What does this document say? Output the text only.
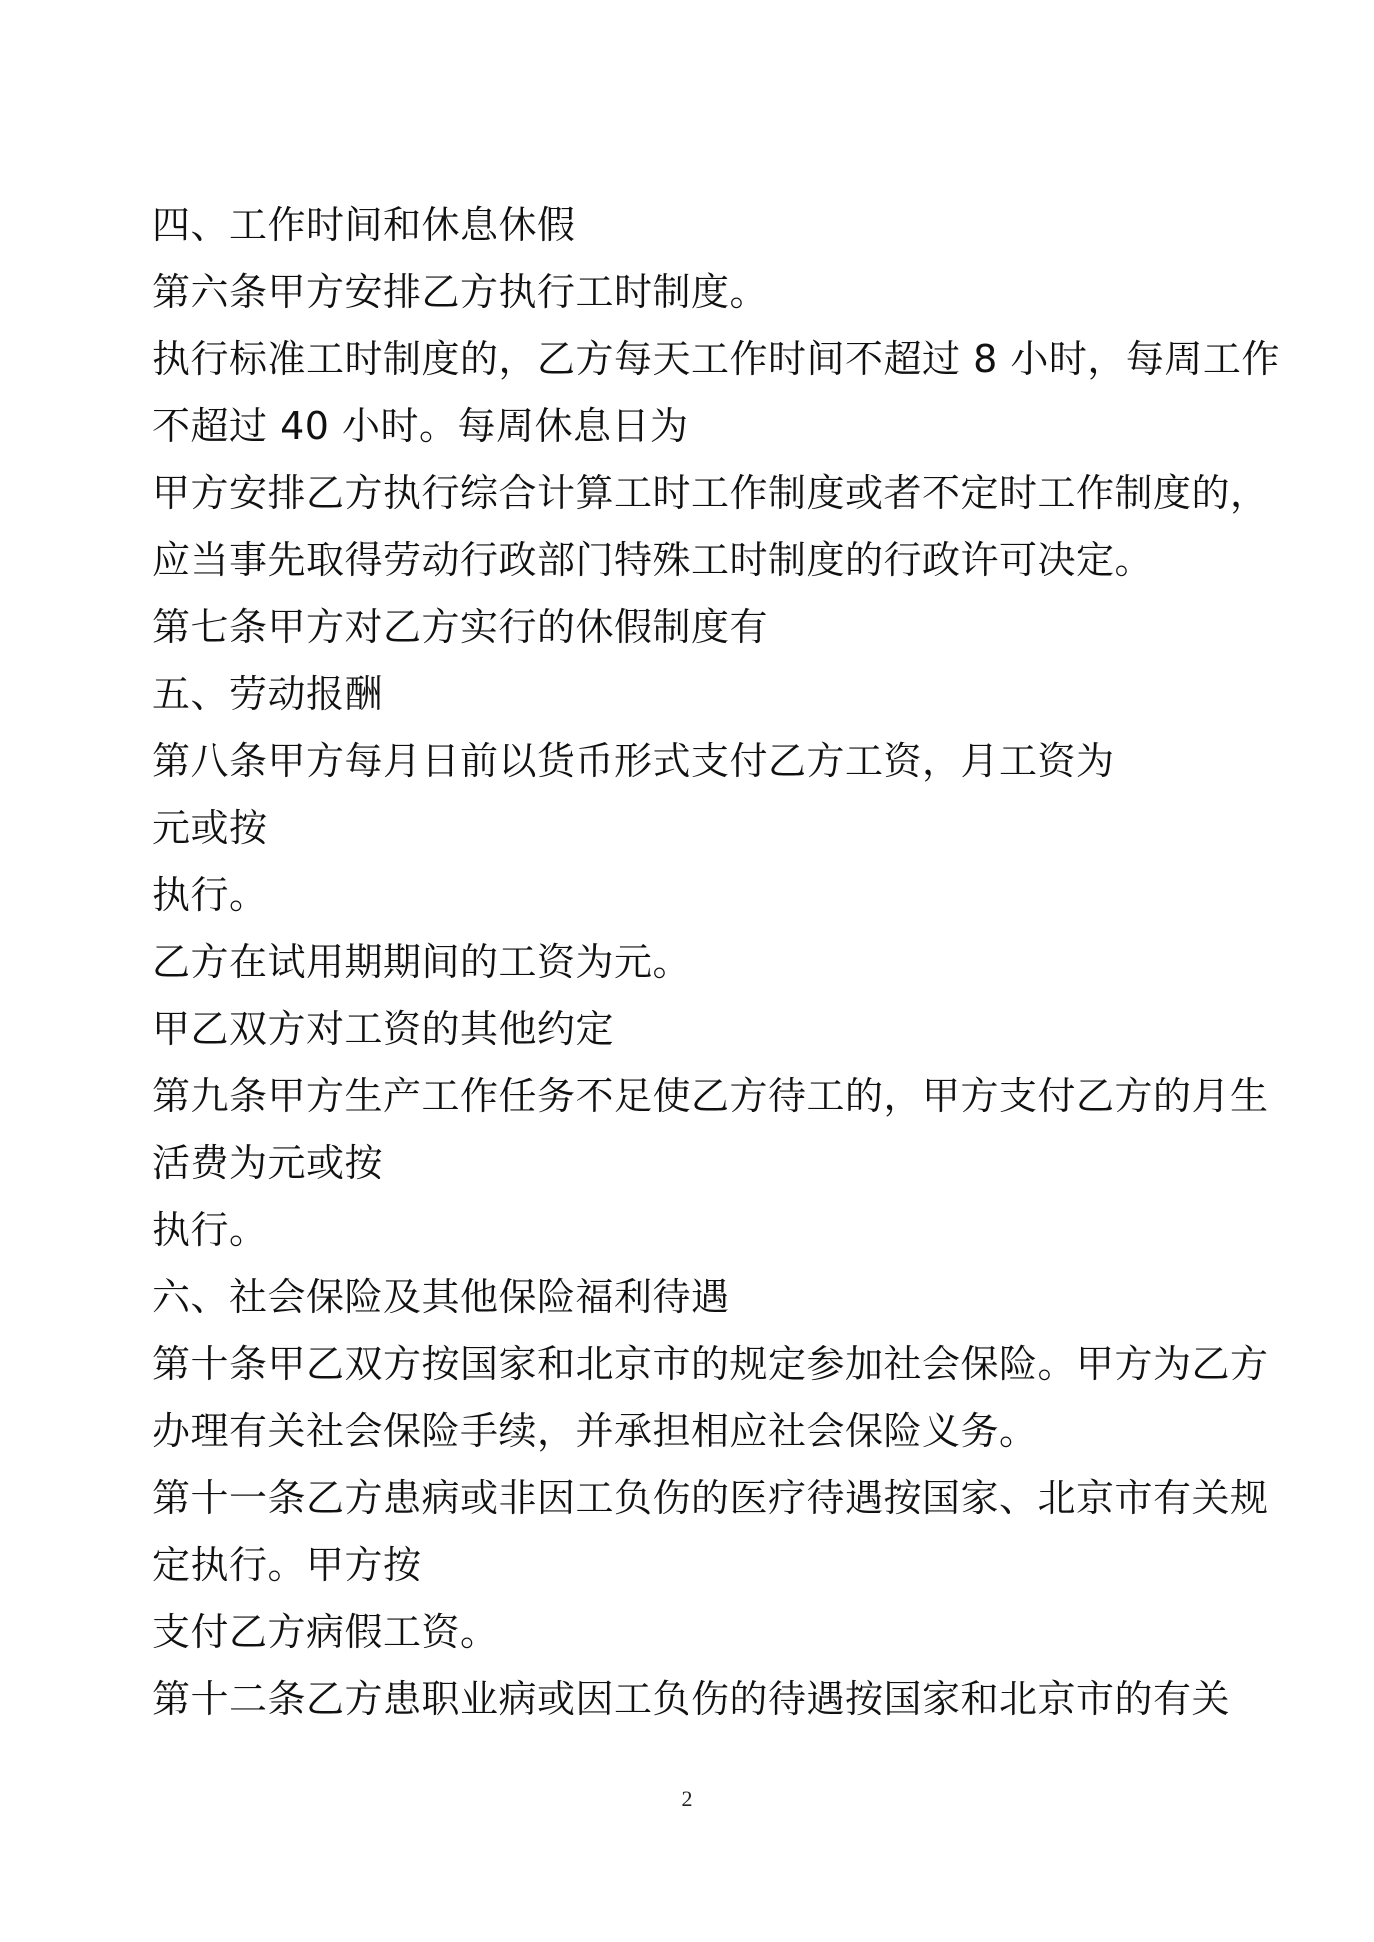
四、工作时间和休息休假
第六条甲方安排乙方执行工时制度。
执行标准工时制度的，乙方每天工作时间不超过 8 小时，每周工作
不超过 40 小时。每周休息日为
甲方安排乙方执行综合计算工时工作制度或者不定时工作制度的，
应当事先取得劳动行政部门特殊工时制度的行政许可决定。
第七条甲方对乙方实行的休假制度有
五、劳动报酬
第八条甲方每月日前以货币形式支付乙方工资，月工资为
元或按
执行。
乙方在试用期期间的工资为元。
甲乙双方对工资的其他约定
第九条甲方生产工作任务不足使乙方待工的，甲方支付乙方的月生
活费为元或按
执行。
六、社会保险及其他保险福利待遇
第十条甲乙双方按国家和北京市的规定参加社会保险。甲方为乙方
办理有关社会保险手续，并承担相应社会保险义务。
第十一条乙方患病或非因工负伤的医疗待遇按国家、北京市有关规
定执行。甲方按
支付乙方病假工资。
第十二条乙方患职业病或因工负伤的待遇按国家和北京市的有关
2
